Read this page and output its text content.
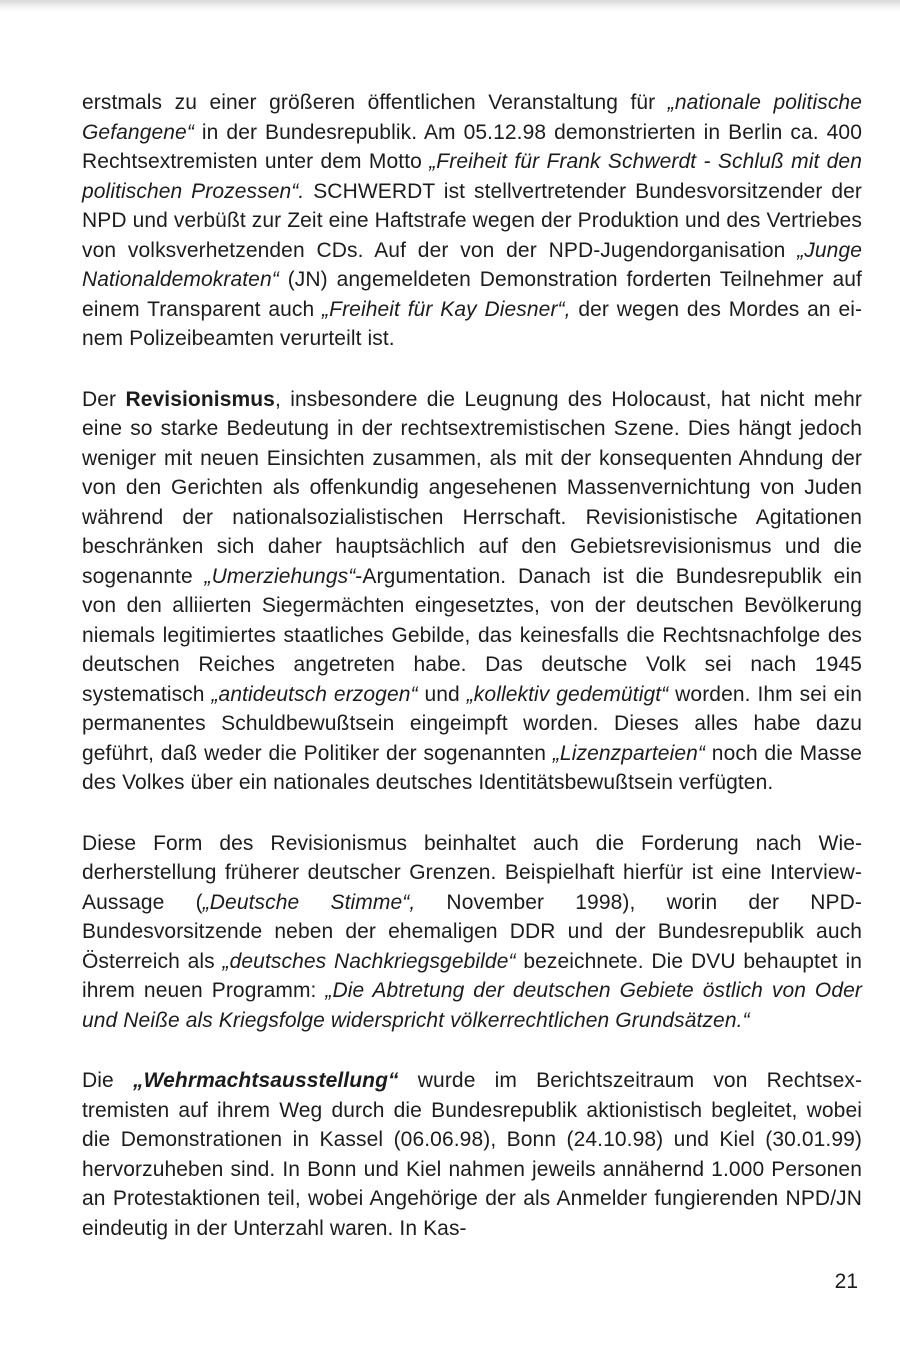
erstmals zu einer größeren öffentlichen Veranstaltung für „nationale politische Gefangene“ in der Bundesrepublik. Am 05.12.98 demonstrierten in Berlin ca. 400 Rechtsextremisten unter dem Motto „Freiheit für Frank Schwerdt - Schluß mit den politischen Prozessen“. SCHWERDT ist stellvertretender Bundesvorsitzender der NPD und verbüßt zur Zeit eine Haftstrafe wegen der Produktion und des Vertriebes von volksverhetzenden CDs. Auf der von der NPD-Jugendorganisation „Junge Nationaldemokraten“ (JN) angemeldeten Demonstration forderten Teilnehmer auf einem Transparent auch „Freiheit für Kay Diesner“, der wegen des Mordes an einem Polizeibeamten verurteilt ist.

Der Revisionismus, insbesondere die Leugnung des Holocaust, hat nicht mehr eine so starke Bedeutung in der rechtsextremistischen Szene. Dies hängt jedoch weniger mit neuen Einsichten zusammen, als mit der konsequenten Ahndung der von den Gerichten als offenkundig angesehenen Massenvernichtung von Juden während der nationalsozialistischen Herrschaft. Revisionistische Agitationen beschränken sich daher hauptsächlich auf den Gebietsrevisionismus und die sogenannte „Umerziehungs“-Argumentation. Danach ist die Bundesrepublik ein von den alliierten Siegermächten eingesetztes, von der deutschen Bevölkerung niemals legitimiertes staatliches Gebilde, das keinesfalls die Rechtsnachfolge des deutschen Reiches angetreten habe. Das deutsche Volk sei nach 1945 systematisch „antideutsch erzogen“ und „kollektiv gedemütigt“ worden. Ihm sei ein permanentes Schuldbewußtsein eingeimpft worden. Dieses alles habe dazu geführt, daß weder die Politiker der sogenannten „Lizenzparteien“ noch die Masse des Volkes über ein nationales deutsches Identitätsbewußtsein verfügten.

Diese Form des Revisionismus beinhaltet auch die Forderung nach Wiederherstellung früherer deutscher Grenzen. Beispielhaft hierfür ist eine Interview-Aussage („Deutsche Stimme“, November 1998), worin der NPD-Bundesvorsitzende neben der ehemaligen DDR und der Bundesrepublik auch Österreich als „deutsches Nachkriegsgebilde“ bezeichnete. Die DVU behauptet in ihrem neuen Programm: „Die Abtretung der deutschen Gebiete östlich von Oder und Neiße als Kriegsfolge widerspricht völkerrechtlichen Grundsätzen.“

Die „Wehrmachtsausstellung“ wurde im Berichtszeitraum von Rechtsextremisten auf ihrem Weg durch die Bundesrepublik aktionistisch begleitet, wobei die Demonstrationen in Kassel (06.06.98), Bonn (24.10.98) und Kiel (30.01.99) hervorzuheben sind. In Bonn und Kiel nahmen jeweils annähernd 1.000 Personen an Protestaktionen teil, wobei Angehörige der als Anmelder fungierenden NPD/JN eindeutig in der Unterzahl waren. In Kas-

21
